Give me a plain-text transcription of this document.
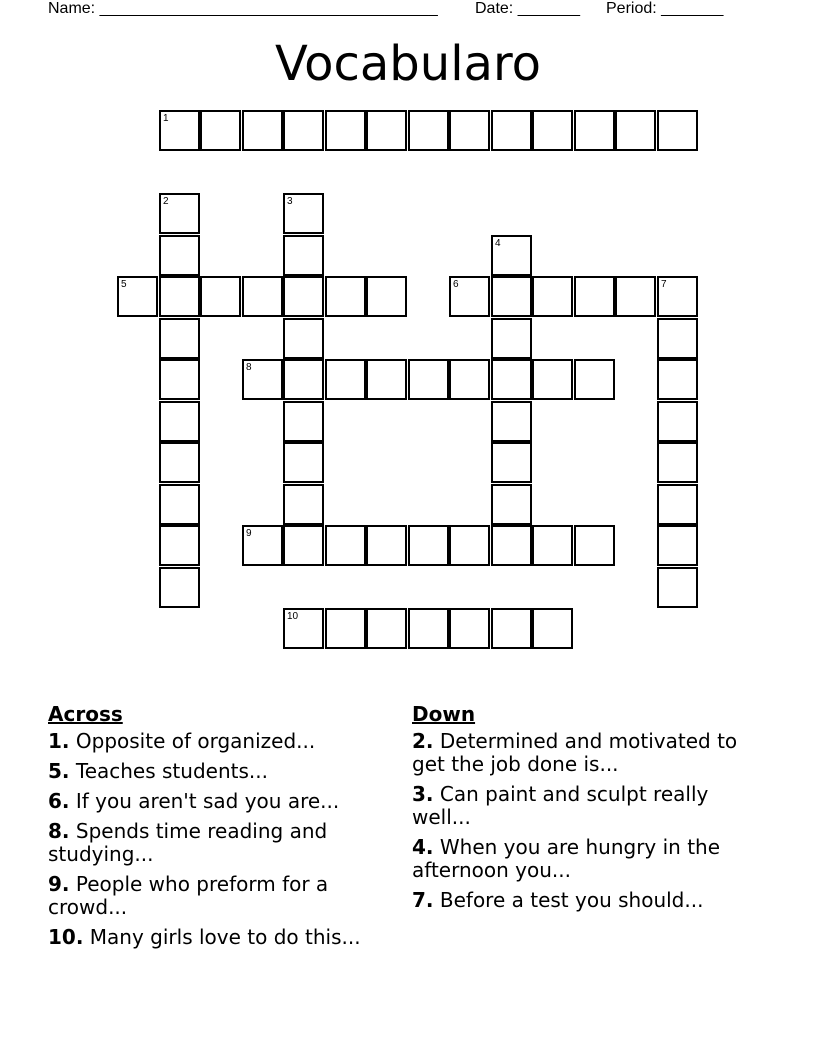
Name: ______________________________________ Date: _______ Period: _______
Vocabularo
1
5	6	7
8
9
10
2	3
4
Across
1. Opposite of organized...
5. Teaches students...
6. If you aren't sad you are...
8. Spends time reading and studying...
9. People who preform for a crowd...
10. Many girls love to do this...
Down
2. Determined and motivated to get the job done is...
3. Can paint and sculpt really well...
4. When you are hungry in the afternoon you...
7. Before a test you should...
